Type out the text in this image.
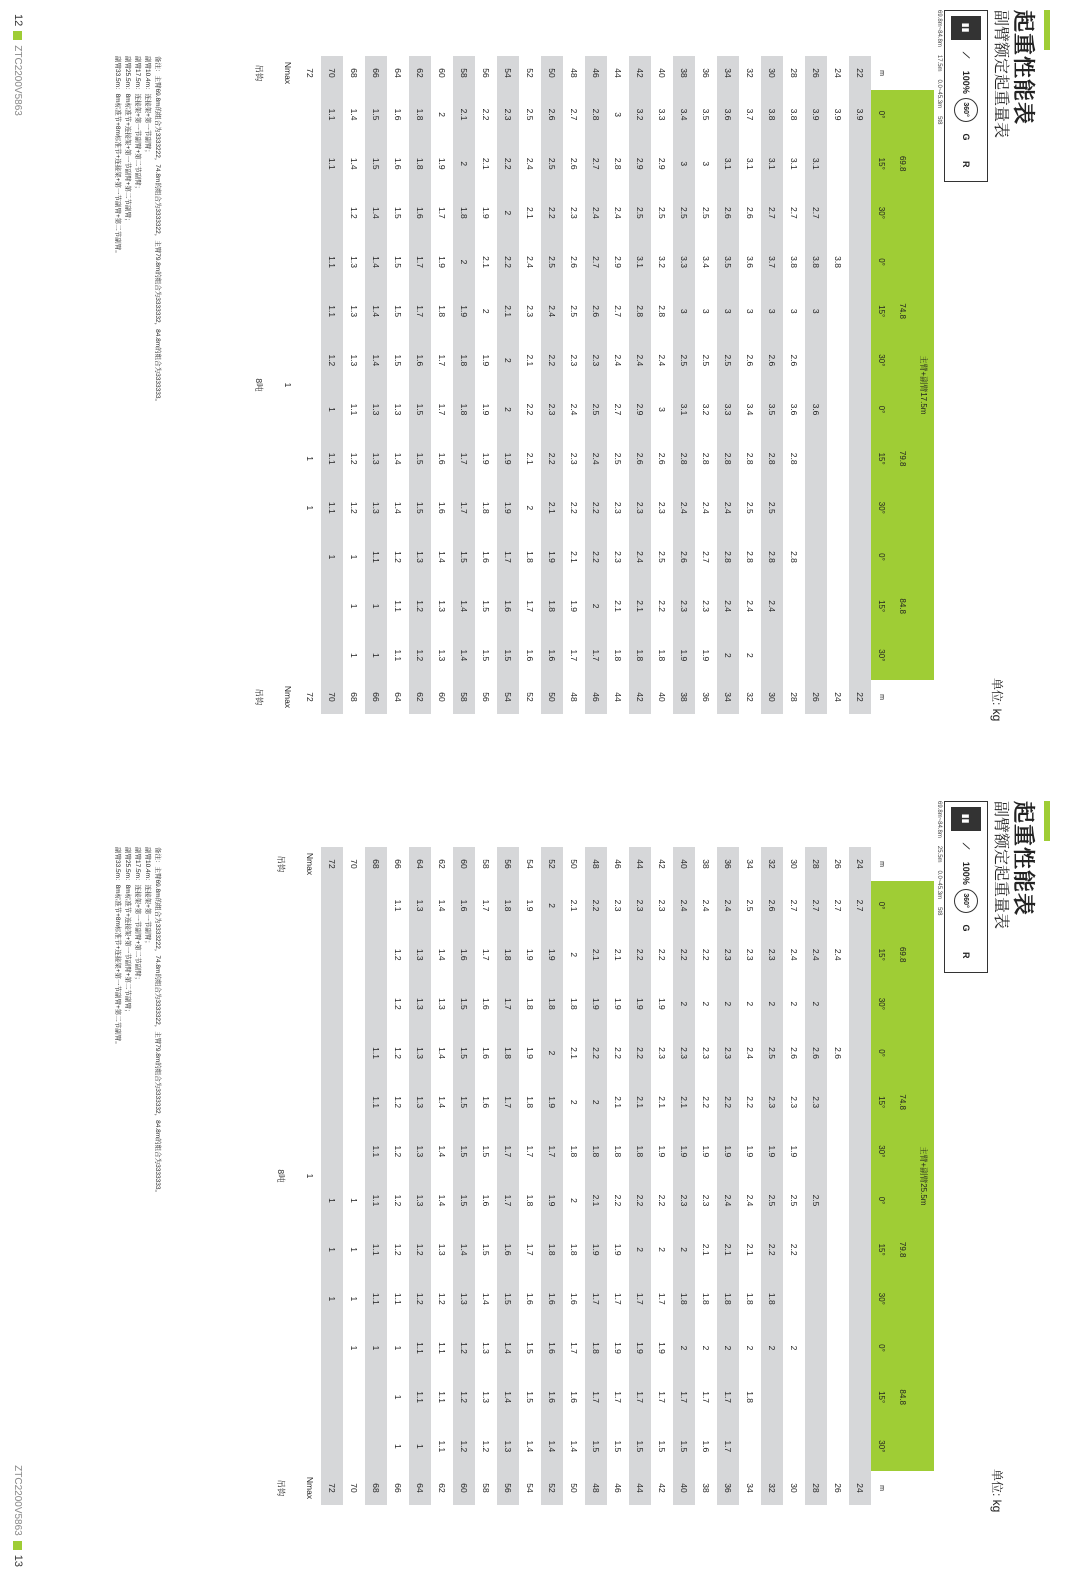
起重性能表
副臂额定起重量表
单位: kg
▮▮
⟋
100%
360°
G
R
69.8m~84.8m
17.5m
0.0~45.3m
5t8
	主臂+副臂17.5m												
	69.8			74.8			79.8			84.8			
m	0°	15°	30°	0°	15°	30°	0°	15°	30°	0°	15°	30°	m
22	3.9												22
24	3.9			3.8									24
26	3.9	3.1	2.7	3.8	3		3.6						26
28	3.8	3.1	2.7	3.8	3	2.6	3.6	2.8		2.8			28
30	3.8	3.1	2.7	3.7	3	2.6	3.5	2.8	2.5	2.8	2.4		30
32	3.7	3.1	2.6	3.6	3	2.6	3.4	2.8	2.5	2.8	2.4	2	32
34	3.6	3.1	2.6	3.5	3	2.5	3.3	2.8	2.4	2.8	2.4	2	34
36	3.5	3	2.5	3.4	3	2.5	3.2	2.8	2.4	2.7	2.3	1.9	36
38	3.4	3	2.5	3.3	3	2.5	3.1	2.8	2.4	2.6	2.3	1.9	38
40	3.3	2.9	2.5	3.2	2.8	2.4	3	2.6	2.3	2.5	2.2	1.8	40
42	3.2	2.9	2.5	3.1	2.8	2.4	2.9	2.6	2.3	2.4	2.1	1.8	42
44	3	2.8	2.4	2.9	2.7	2.4	2.7	2.5	2.3	2.3	2.1	1.8	44
46	2.8	2.7	2.4	2.7	2.6	2.3	2.5	2.4	2.2	2.2	2	1.7	46
48	2.7	2.6	2.3	2.6	2.5	2.3	2.4	2.3	2.2	2.1	1.9	1.7	48
50	2.6	2.5	2.2	2.5	2.4	2.2	2.3	2.2	2.1	1.9	1.8	1.6	50
52	2.5	2.4	2.1	2.4	2.3	2.1	2.2	2.1	2	1.8	1.7	1.6	52
54	2.3	2.2	2	2.2	2.1	2	2	1.9	1.9	1.7	1.6	1.5	54
56	2.2	2.1	1.9	2.1	2	1.9	1.9	1.9	1.8	1.6	1.5	1.5	56
58	2.1	2	1.8	2	1.9	1.8	1.8	1.7	1.7	1.5	1.4	1.4	58
60	2	1.9	1.7	1.9	1.8	1.7	1.7	1.6	1.6	1.4	1.3	1.3	60
62	1.8	1.8	1.6	1.7	1.7	1.6	1.5	1.5	1.5	1.3	1.2	1.2	62
64	1.6	1.6	1.5	1.5	1.5	1.5	1.3	1.4	1.4	1.2	1.1	1.1	64
66	1.5	1.5	1.4	1.4	1.4	1.4	1.3	1.3	1.3	1.1	1	1	66
68	1.4	1.4	1.2	1.3	1.3	1.3	1.1	1.2	1.2	1	1	1	68
70	1.1	1.1		1.1	1.1	1.2	1	1.1	1.1	1			70
72								1	1				72
Nmax	1												Nmax
吊钩	8吨												吊钩
备注：主臂69.8m的组合为3333222，74.8m的组合为3333322，主臂79.8m的组合为3333332，84.8m的组合为3333333。
副臂10.4m：连接架+第一节副臂；
副臂17.5m：连接架+第一节副臂+第二节副臂；
副臂25.5m：8m标准节+连接架+第一节副臂+第二节副臂；
副臂33.5m：8m标准节+8m标准节+连接架+第一节副臂+第二节副臂。
12
ZTC2200V5863
起重性能表
副臂额定起重量表
单位: kg
▮▮
⟋
100%
360°
G
R
69.8m~84.8m
25.5m
0.0~45.3m
5t8
	主臂+副臂25.5m												
	69.8			74.8			79.8			84.8			
m	0°	15°	30°	0°	15°	30°	0°	15°	30°	0°	15°	30°	m
24	2.7												24
26	2.7	2.4		2.6									26
28	2.7	2.4	2	2.6	2.3		2.5						28
30	2.7	2.4	2	2.6	2.3	1.9	2.5	2.2		2			30
32	2.6	2.3	2	2.5	2.3	1.9	2.5	2.2	1.8	2			32
34	2.5	2.3	2	2.4	2.2	1.9	2.4	2.1	1.8	2	1.8		34
36	2.4	2.3	2	2.3	2.2	1.9	2.4	2.1	1.8	2	1.7	1.7	36
38	2.4	2.2	2	2.3	2.2	1.9	2.3	2.1	1.8	2	1.7	1.6	38
40	2.4	2.2	2	2.3	2.1	1.9	2.3	2	1.8	2	1.7	1.5	40
42	2.3	2.2	1.9	2.3	2.1	1.9	2.2	2	1.7	1.9	1.7	1.5	42
44	2.3	2.2	1.9	2.2	2.1	1.8	2.2	2	1.7	1.9	1.7	1.5	44
46	2.3	2.1	1.9	2.2	2.1	1.8	2.2	1.9	1.7	1.9	1.7	1.5	46
48	2.2	2.1	1.9	2.2	2	1.8	2.1	1.9	1.7	1.8	1.7	1.5	48
50	2.1	2	1.8	2.1	2	1.8	2	1.8	1.6	1.7	1.6	1.4	50
52	2	1.9	1.8	2	1.9	1.7	1.9	1.8	1.6	1.6	1.6	1.4	52
54	1.9	1.9	1.8	1.9	1.8	1.7	1.8	1.7	1.6	1.5	1.5	1.4	54
56	1.8	1.8	1.7	1.8	1.7	1.7	1.7	1.6	1.5	1.4	1.4	1.3	56
58	1.7	1.7	1.6	1.6	1.6	1.5	1.6	1.5	1.4	1.3	1.3	1.2	58
60	1.6	1.6	1.5	1.5	1.5	1.5	1.5	1.4	1.3	1.2	1.2	1.2	60
62	1.4	1.4	1.3	1.4	1.4	1.4	1.4	1.3	1.2	1.1	1.1	1.1	62
64	1.3	1.3	1.3	1.3	1.3	1.3	1.3	1.2	1.2	1.1	1.1	1	64
66	1.1	1.2	1.2	1.2	1.2	1.2	1.2	1.2	1.1	1	1	1	66
68				1.1	1.1	1.1	1.1	1.1	1.1	1			68
70							1	1	1	1			70
72							1	1	1				72
Nmax	1												Nmax
吊钩	8吨												吊钩
备注：主臂69.8m的组合为3333222，74.8m的组合为3333322，主臂79.8m的组合为3333332，84.8m的组合为3333333。
副臂10.4m：连接架+第一节副臂；
副臂17.5m：连接架+第一节副臂+第二节副臂；
副臂25.5m：8m标准节+连接架+第一节副臂+第二节副臂；
副臂33.5m：8m标准节+8m标准节+连接架+第一节副臂+第二节副臂。
ZTC2200V5863
13
